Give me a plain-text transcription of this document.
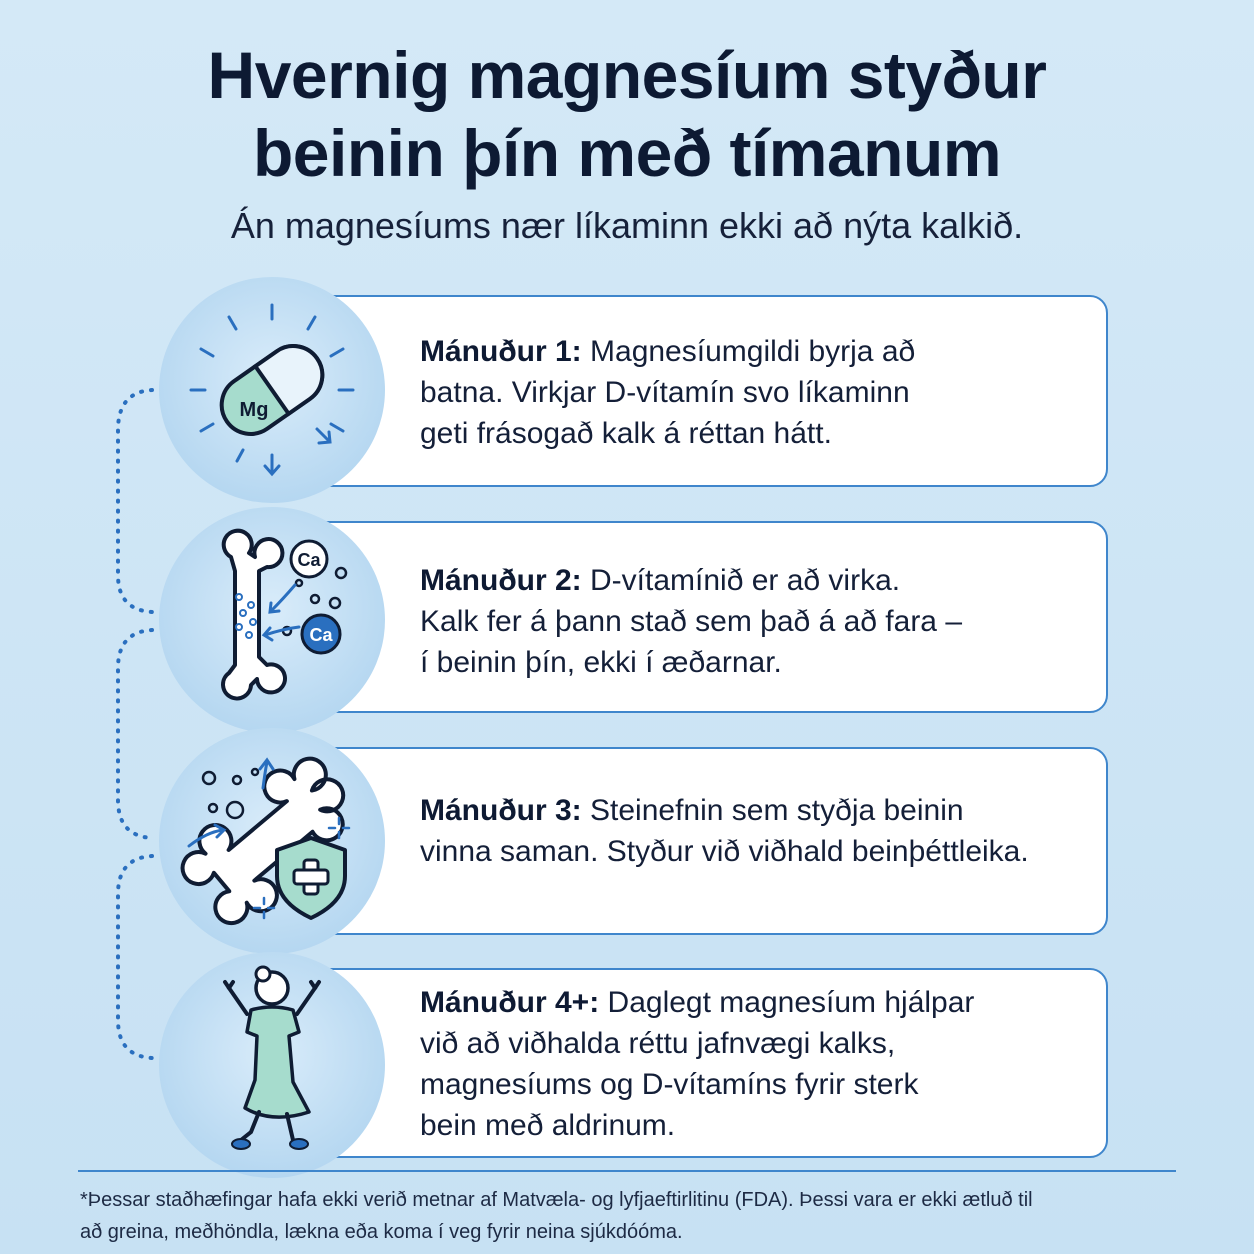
Hvernig magnesíum styður
beinin þín með tímanum

Án magnesíums nær líkaminn ekki að nýta kalkið.

Mánuður 1: Magnesíumgildi byrja að
batna. Virkjar D-vítamín svo líkaminn
geti frásogað kalk á réttan hátt.
Mánuður 2: D-vítamínið er að virka.
Kalk fer á þann stað sem það á að fara –
í beinin þín, ekki í æðarnar.
Mánuður 3: Steinefnin sem styðja beinin
vinna saman. Styður við viðhald beinþéttleika.
Mánuður 4+: Daglegt magnesíum hjálpar
við að viðhalda réttu jafnvægi kalks,
magnesíums og D-vítamíns fyrir sterk
bein með aldrinum.
Mg
Ca
Ca
*Þessar staðhæfingar hafa ekki verið metnar af Matvæla- og lyfjaeftirlitinu (FDA). Þessi vara er ekki ætluð til
að greina, meðhöndla, lækna eða koma í veg fyrir neina sjúkdóóma.
